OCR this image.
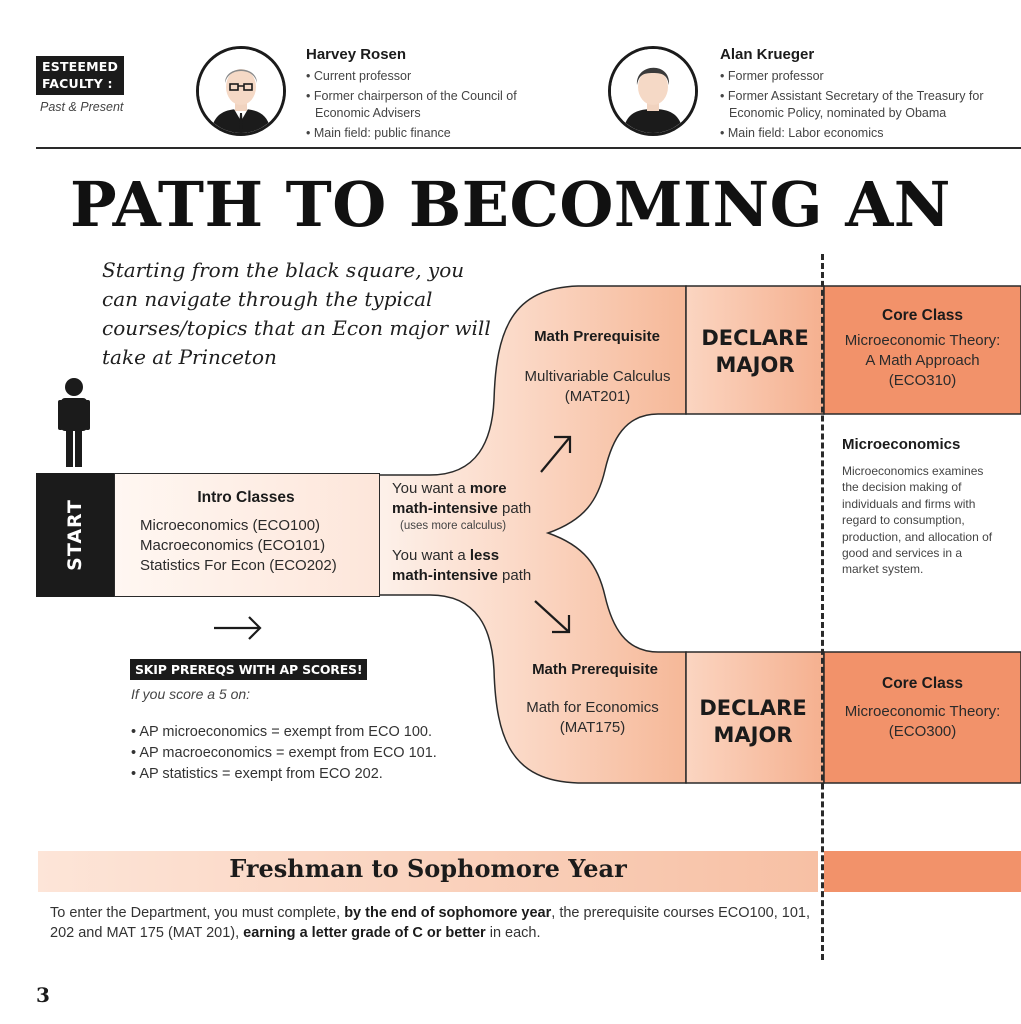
ESTEEMED
FACULTY :
Past & Present
Harvey Rosen
• Current professor
• Former chairperson of the Council of Economic Advisers
• Main field: public finance
Alan Krueger
• Former professor
• Former Assistant Secretary of the Treasury for Economic Policy, nominated by Obama
• Main field: Labor economics
PATH TO BECOMING AN
Starting from the black square, you can navigate through the typical courses/topics that an Econ major will take at Princeton
START
Intro Classes
Microeconomics (ECO100)
Macroeconomics (ECO101)
Statistics For Econ (ECO202)
You want a more
math-intensive path
(uses more calculus)
You want a less
math-intensive path
Math Prerequisite
Multivariable Calculus
(MAT201)
DECLARE
MAJOR
Core Class
Microeconomic Theory:
A Math Approach
(ECO310)
Microeconomics
Microeconomics examines the decision making of individuals and firms with regard to consumption, production, and allocation of good and services in a market system.
Math Prerequisite
Math for Economics
(MAT175)
DECLARE
MAJOR
Core Class
Microeconomic Theory:
(ECO300)
SKIP PREREQS WITH AP SCORES!
If you score a 5 on:
• AP microeconomics = exempt from ECO 100.
• AP macroeconomics = exempt from ECO 101.
• AP statistics = exempt from ECO 202.
Freshman to Sophomore Year
To enter the Department, you must complete, by the end of sophomore year, the prerequisite courses ECO100, 101, 202 and MAT 175 (MAT 201), earning a letter grade of C or better in each.
3
